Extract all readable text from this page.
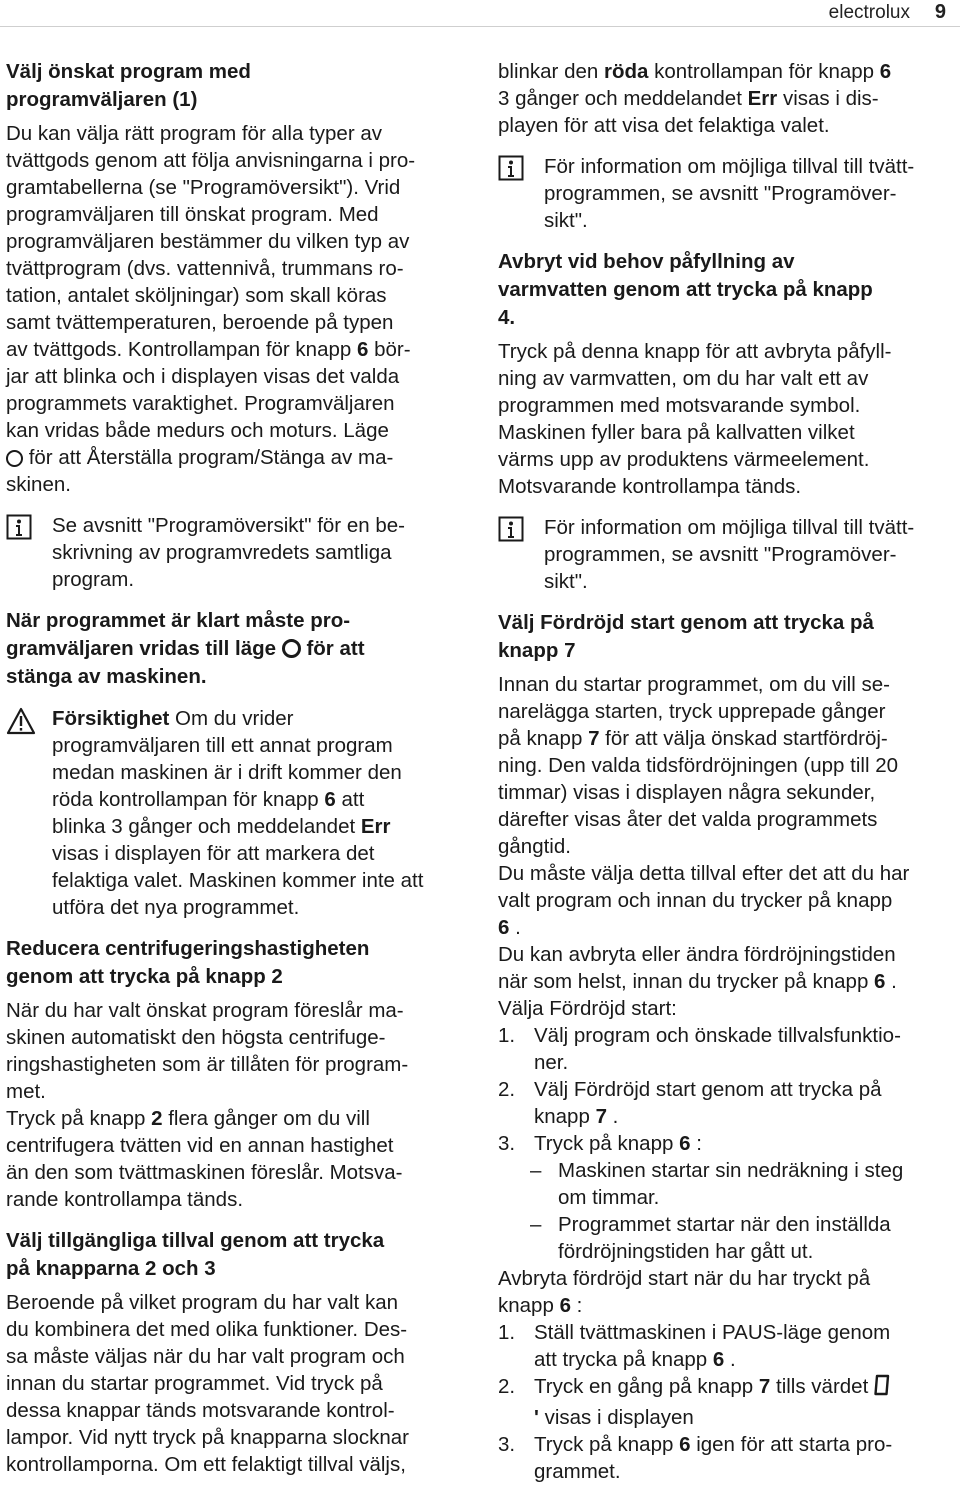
electrolux 9
Välj önskat program med
programväljaren (1)

Du kan välja rätt program för alla typer av
tvättgods genom att följa anvisningarna i pro-
gramtabellerna (se "Programöversikt"). Vrid
programväljaren till önskat program. Med
programväljaren bestämmer du vilken typ av
tvättprogram (dvs. vattennivå, trummans ro-
tation, antalet sköljningar) som skall köras
samt tvättemperaturen, beroende på typen
av tvättgods. Kontrollampan för knapp 6 bör-
jar att blinka och i displayen visas det valda
programmets varaktighet. Programväljaren
kan vridas både medurs och moturs. Läge
för att Återställa program/Stänga av ma-
skinen.

Se avsnitt "Programöversikt" för en be-
skrivning av programvredets samtliga
program.
När programmet är klart måste pro-
gramväljaren vridas till läge  för att
stänga av maskinen.
Försiktighet Om du vrider
programväljaren till ett annat program
medan maskinen är i drift kommer den
röda kontrollampan för knapp 6 att
blinka 3 gånger och meddelandet Err
visas i displayen för att markera det
felaktiga valet. Maskinen kommer inte att
utföra det nya programmet.
Reducera centrifugeringshastigheten
genom att trycka på knapp 2

När du har valt önskat program föreslår ma-
skinen automatiskt den högsta centrifuge-
ringshastigheten som är tillåten för program-
met.
Tryck på knapp 2 flera gånger om du vill
centrifugera tvätten vid en annan hastighet
än den som tvättmaskinen föreslår. Motsva-
rande kontrollampa tänds.

Välj tillgängliga tillval genom att trycka
på knapparna 2 och 3

Beroende på vilket program du har valt kan
du kombinera det med olika funktioner. Des-
sa måste väljas när du har valt program och
innan du startar programmet. Vid tryck på
dessa knappar tänds motsvarande kontrol-
lampor. Vid nytt tryck på knapparna slocknar
kontrollamporna. Om ett felaktigt tillval väljs,

blinkar den röda kontrollampan för knapp 6
3 gånger och meddelandet Err visas i dis-
playen för att visa det felaktiga valet.

För information om möjliga tillval till tvätt-
programmen, se avsnitt "Programöver-
sikt".
Avbryt vid behov påfyllning av
varmvatten genom att trycka på knapp
4.

Tryck på denna knapp för att avbryta påfyll-
ning av varmvatten, om du har valt ett av
programmen med motsvarande symbol.
Maskinen fyller bara på kallvatten vilket
värms upp av produktens värmeelement.
Motsvarande kontrollampa tänds.

För information om möjliga tillval till tvätt-
programmen, se avsnitt "Programöver-
sikt".
Välj Fördröjd start genom att trycka på
knapp 7

Innan du startar programmet, om du vill se-
narelägga starten, tryck upprepade gånger
på knapp 7 för att välja önskad startfördröj-
ning. Den valda tidsfördröjningen (upp till 20
timmar) visas i displayen några sekunder,
därefter visas åter det valda programmets
gångtid.
Du måste välja detta tillval efter det att du har
valt program och innan du trycker på knapp
6 .
Du kan avbryta eller ändra fördröjningstiden
när som helst, innan du trycker på knapp 6 .
Välja Fördröjd start:

1. Välj program och önskade tillvalsfunktio-
ner.
2. Välj Fördröjd start genom att trycka på
knapp 7 .
3. Tryck på knapp 6 :
– Maskinen startar sin nedräkning i steg
om timmar.
– Programmet startar när den inställda
fördröjningstiden har gått ut.

Avbryta fördröjd start när du har tryckt på
knapp 6 :

1. Ställ tvättmaskinen i PAUS-läge genom
att trycka på knapp 6 .
2. Tryck en gång på knapp 7 tills värdet
' visas i displayen
3. Tryck på knapp 6 igen för att starta pro-
grammet.
